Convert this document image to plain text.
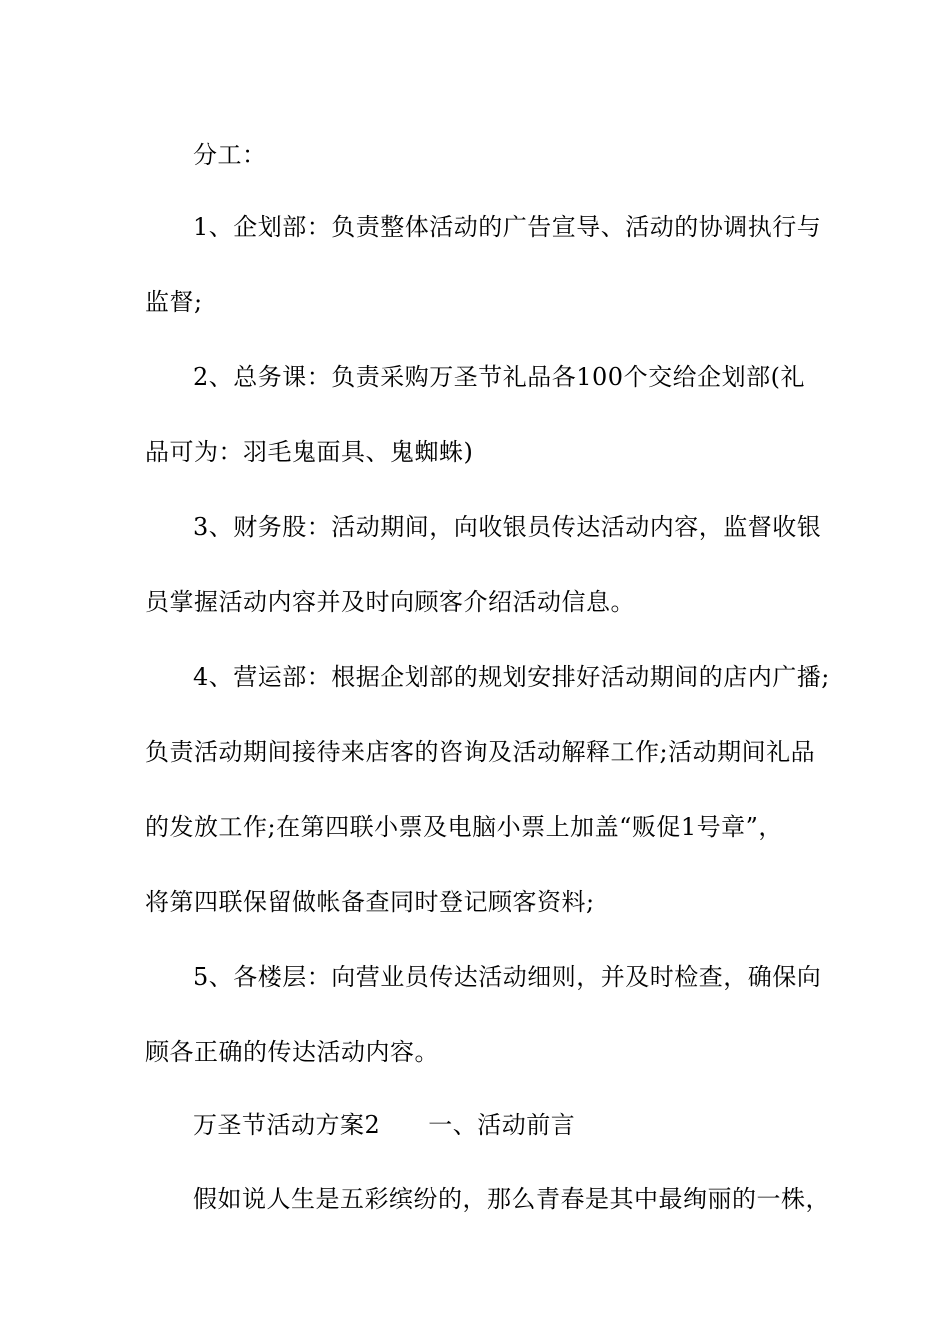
分工：
1、企划部：负责整体活动的广告宣导、活动的协调执行与
监督;
2、总务课：负责采购万圣节礼品各100个交给企划部(礼
品可为：羽毛鬼面具、鬼蜘蛛)
3、财务股：活动期间，向收银员传达活动内容，监督收银
员掌握活动内容并及时向顾客介绍活动信息。
4、营运部：根据企划部的规划安排好活动期间的店内广播;
负责活动期间接待来店客的咨询及活动解释工作;活动期间礼品
的发放工作;在第四联小票及电脑小票上加盖“贩促1号章”，
将第四联保留做帐备查同时登记顾客资料;
5、各楼层：向营业员传达活动细则，并及时检查，确保向
顾各正确的传达活动内容。
万圣节活动方案2 一、活动前言
假如说人生是五彩缤纷的，那么青春是其中最绚丽的一株，
